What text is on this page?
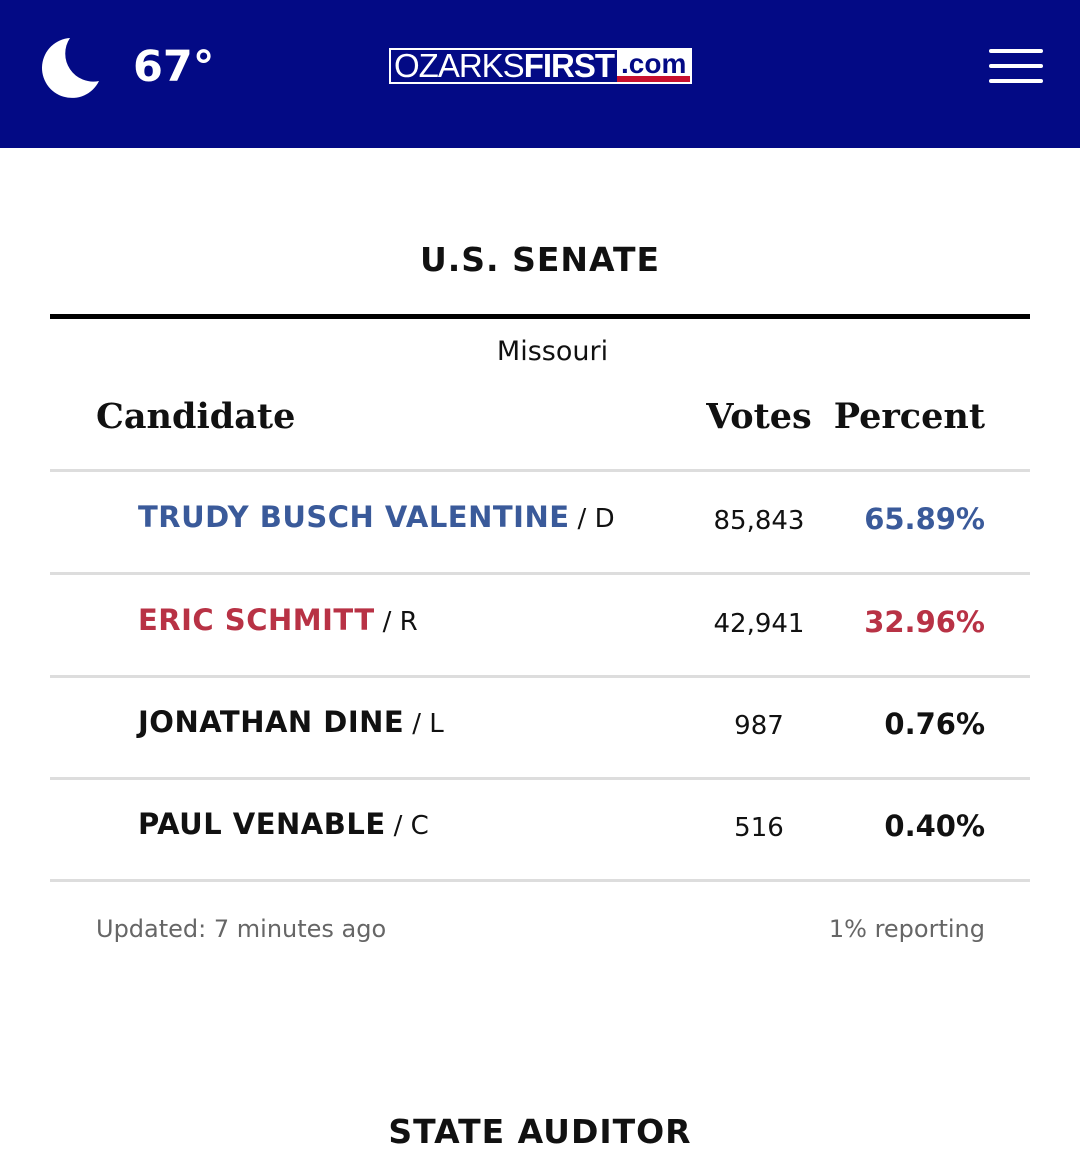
67°	OZARKS FIRST .com
U.S. SENATE
Missouri
Candidate	Votes Percent
TRUDY BUSCH VALENTINE / D	85,843	65.89%
ERIC SCHMITT / R	42,941	32.96%
JONATHAN DINE / L	987	0.76%
PAUL VENABLE / C	516	0.40%
Updated: 7 minutes ago	1% reporting
STATE AUDITOR
